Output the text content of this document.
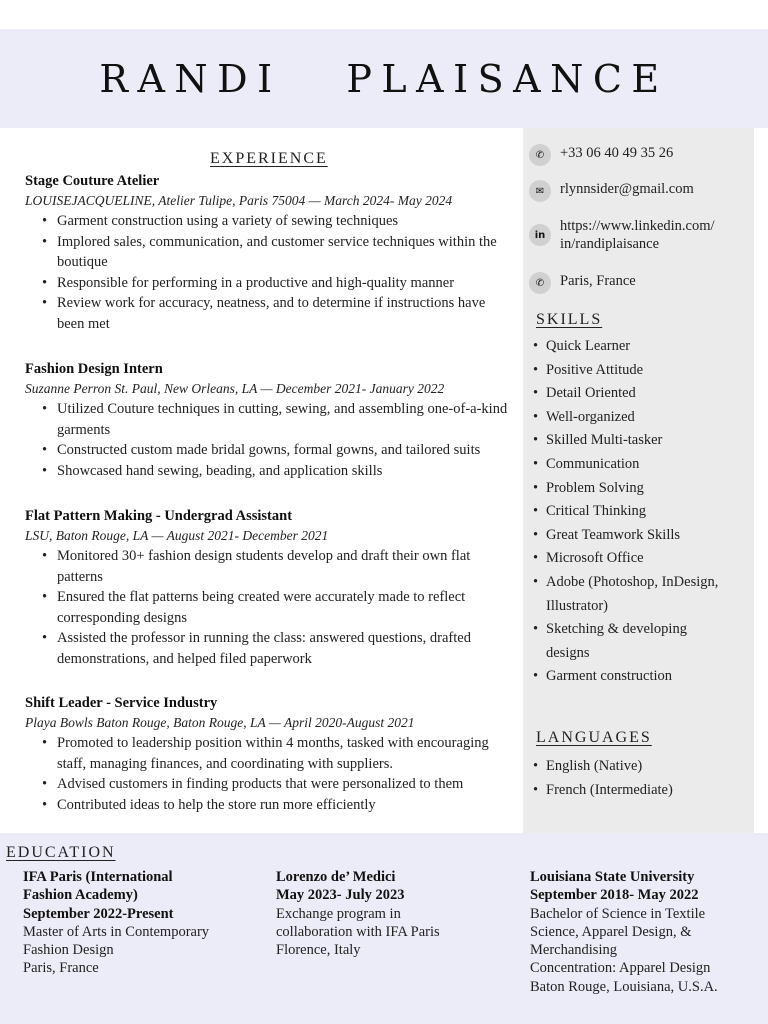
RANDI   PLAISANCE
EXPERIENCE
Stage Couture Atelier
LOUISEJACQUELINE, Atelier Tulipe, Paris 75004 — March 2024- May 2024
• Garment construction using a variety of sewing techniques
• Implored sales, communication, and customer service techniques within the boutique
• Responsible for performing in a productive and high-quality manner
• Review work for accuracy, neatness, and to determine if instructions have been met
Fashion Design Intern
Suzanne Perron St. Paul, New Orleans, LA — December 2021- January 2022
• Utilized Couture techniques in cutting, sewing, and assembling one-of-a-kind garments
• Constructed custom made bridal gowns, formal gowns, and tailored suits
• Showcased hand sewing, beading, and application skills
Flat Pattern Making - Undergrad Assistant
LSU, Baton Rouge, LA — August 2021- December 2021
• Monitored 30+ fashion design students develop and draft their own flat patterns
• Ensured the flat patterns being created were accurately made to reflect corresponding designs
• Assisted the professor in running the class: answered questions, drafted demonstrations, and helped filed paperwork
Shift Leader - Service Industry
Playa Bowls Baton Rouge, Baton Rouge, LA — April 2020-August 2021
• Promoted to leadership position within 4 months, tasked with encouraging staff, managing finances, and coordinating with suppliers.
• Advised customers in finding products that were personalized to them
• Contributed ideas to help the store run more efficiently
✆	+33 06 40 49 35 26
✉	rlynnsider@gmail.com
in
https://www.linkedin.com/
in/randiplaisance
✆	Paris, France
SKILLS
• Quick Learner
• Positive Attitude
• Detail Oriented
• Well-organized
• Skilled Multi-tasker
• Communication
• Problem Solving
• Critical Thinking
• Great Teamwork Skills
• Microsoft Office
• Adobe (Photoshop, InDesign,
Illustrator)
• Sketching & developing
designs
• Garment construction
LANGUAGES
• English (Native)
• French (Intermediate)
EDUCATION
IFA Paris (International
Fashion Academy)
September 2022-Present
Master of Arts in Contemporary
Fashion Design
Paris, France
Lorenzo de’ Medici
May 2023- July 2023
Exchange program in
collaboration with IFA Paris
Florence, Italy
Louisiana State University
September 2018- May 2022
Bachelor of Science in Textile
Science, Apparel Design, &
Merchandising
Concentration: Apparel Design
Baton Rouge, Louisiana, U.S.A.
